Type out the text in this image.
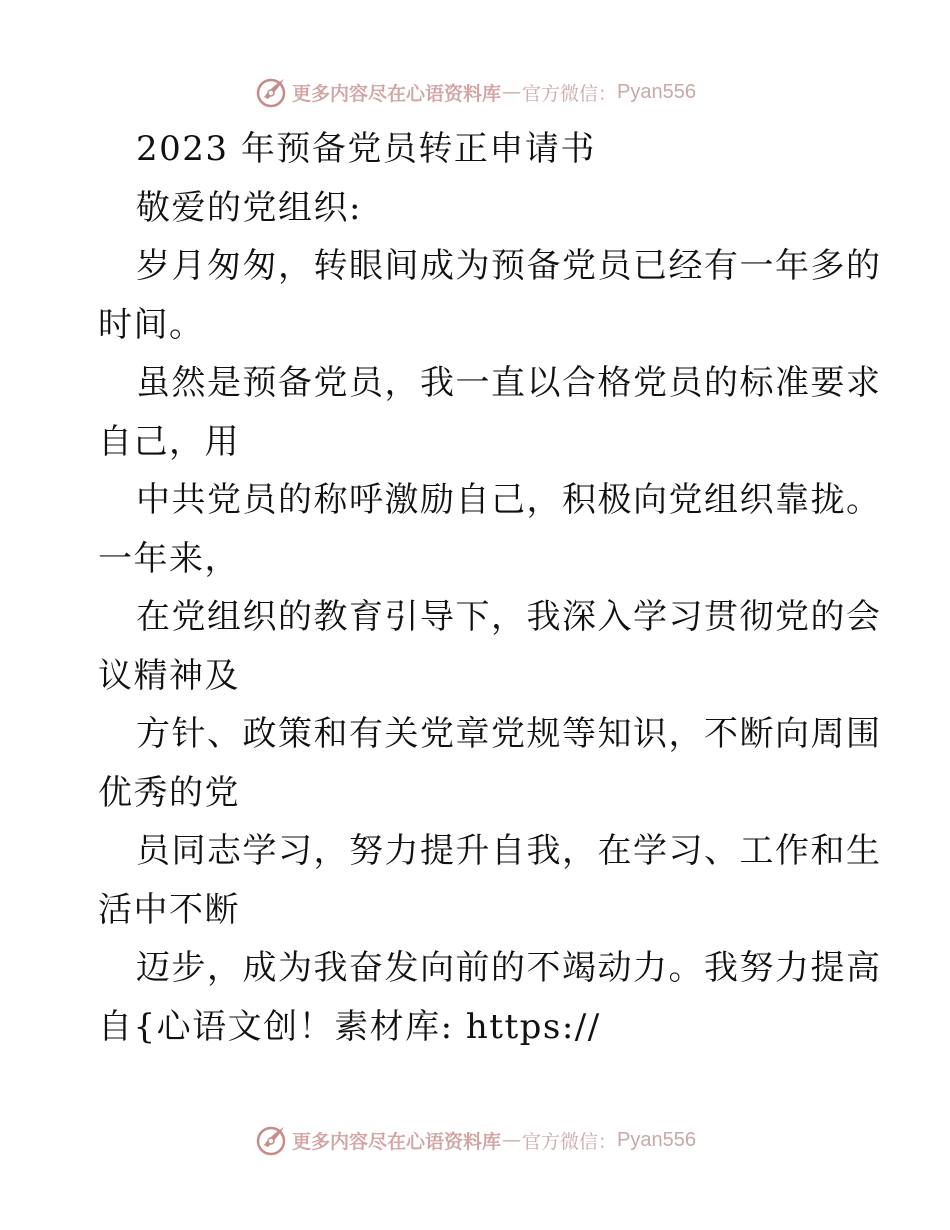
更多内容尽在心语资料库 — 官方微信： Pyan556
2023 年预备党员转正申请书
敬爱的党组织:
岁月匆匆，转眼间成为预备党员已经有一年多的
时间。
虽然是预备党员，我一直以合格党员的标准要求
自己，用
中共党员的称呼激励自己，积极向党组织靠拢。
一年来，
在党组织的教育引导下，我深入学习贯彻党的会
议精神及
方针、政策和有关党章党规等知识，不断向周围
优秀的党
员同志学习，努力提升自我，在学习、工作和生
活中不断
迈步，成为我奋发向前的不竭动力。我努力提高
自{心语文创！素材库: https://
更多内容尽在心语资料库 — 官方微信： Pyan556
